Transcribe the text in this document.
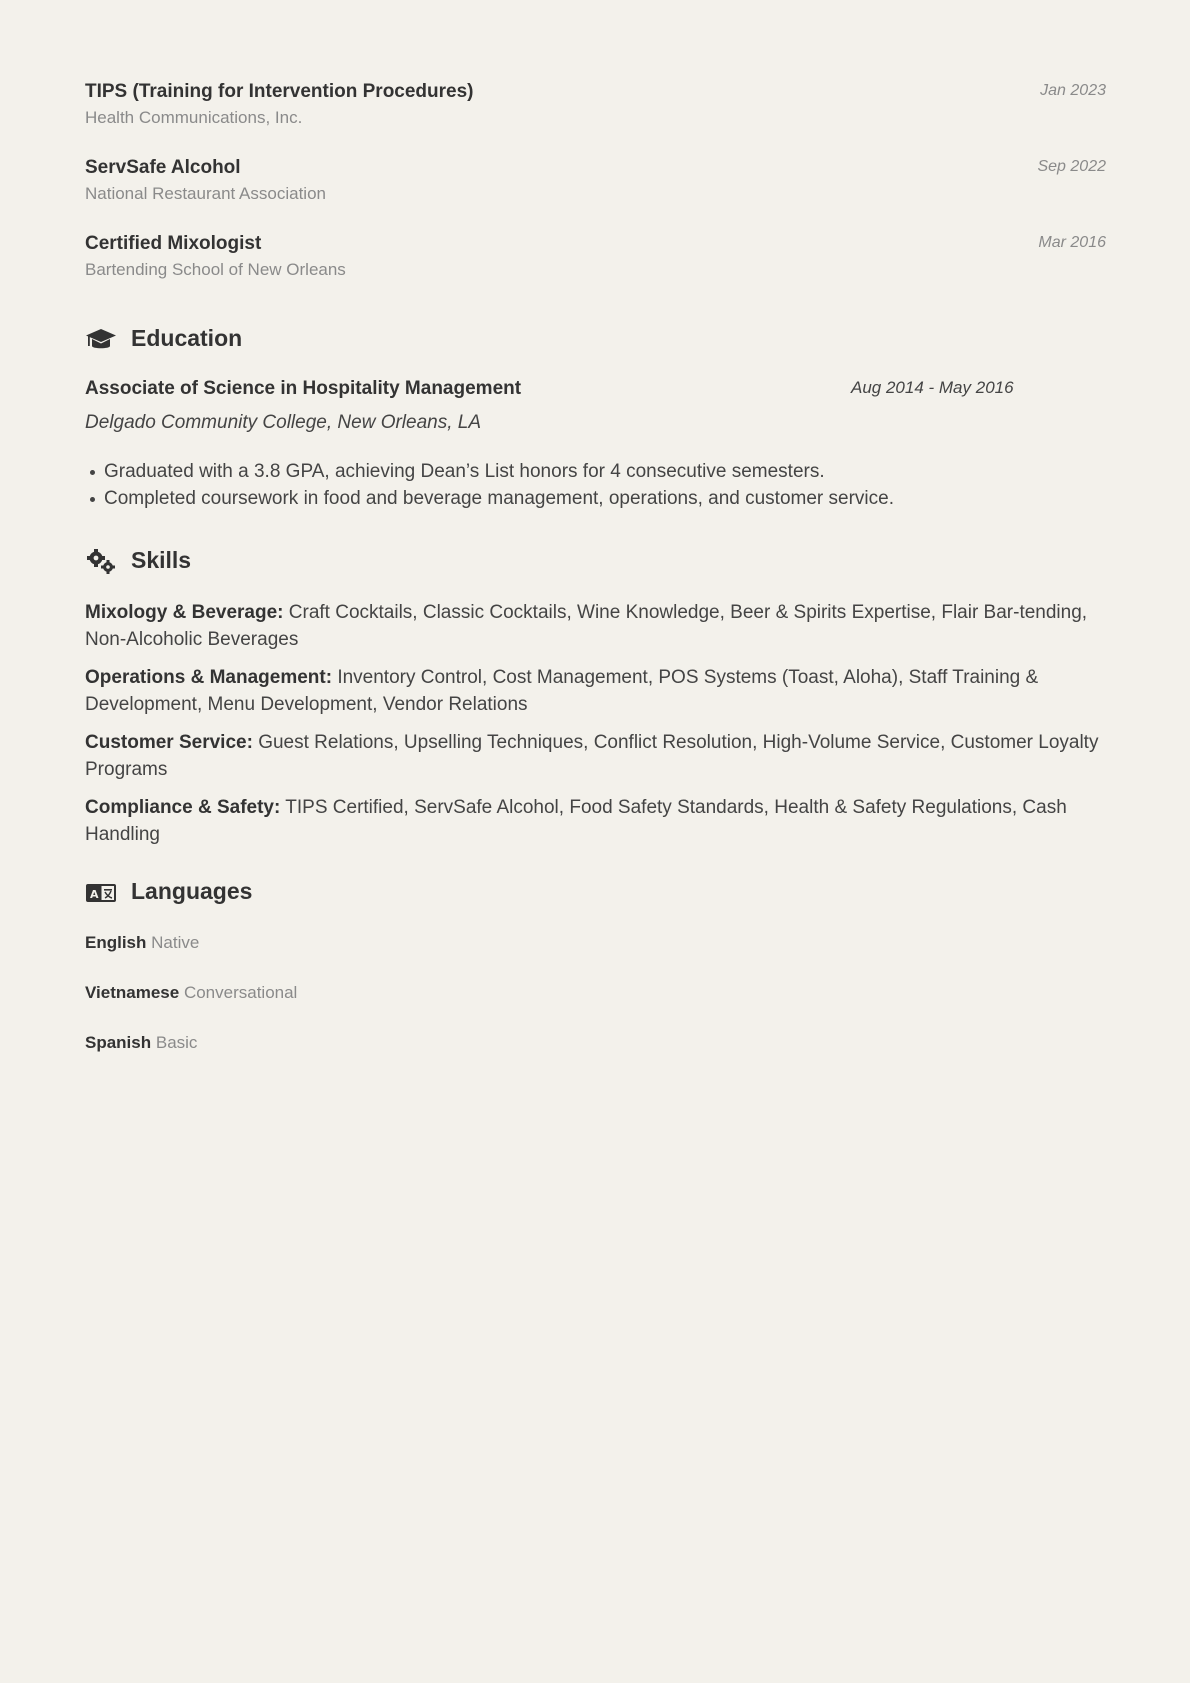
TIPS (Training for Intervention Procedures)
Health Communications, Inc.
Jan 2023
ServSafe Alcohol
National Restaurant Association
Sep 2022
Certified Mixologist
Bartending School of New Orleans
Mar 2016
Education
Associate of Science in Hospitality Management	Aug 2014 - May 2016
Delgado Community College, New Orleans, LA
Graduated with a 3.8 GPA, achieving Dean’s List honors for 4 consecutive semesters.
Completed coursework in food and beverage management, operations, and customer service.
Skills
Mixology & Beverage: Craft Cocktails, Classic Cocktails, Wine Knowledge, Beer & Spirits Expertise, Flair Bar-tending, Non-Alcoholic Beverages
Operations & Management: Inventory Control, Cost Management, POS Systems (Toast, Aloha), Staff Training & Development, Menu Development, Vendor Relations
Customer Service: Guest Relations, Upselling Techniques, Conflict Resolution, High-Volume Service, Customer Loyalty Programs
Compliance & Safety: TIPS Certified, ServSafe Alcohol, Food Safety Standards, Health & Safety Regulations, Cash Handling
A Languages
English Native
Vietnamese Conversational
Spanish Basic
